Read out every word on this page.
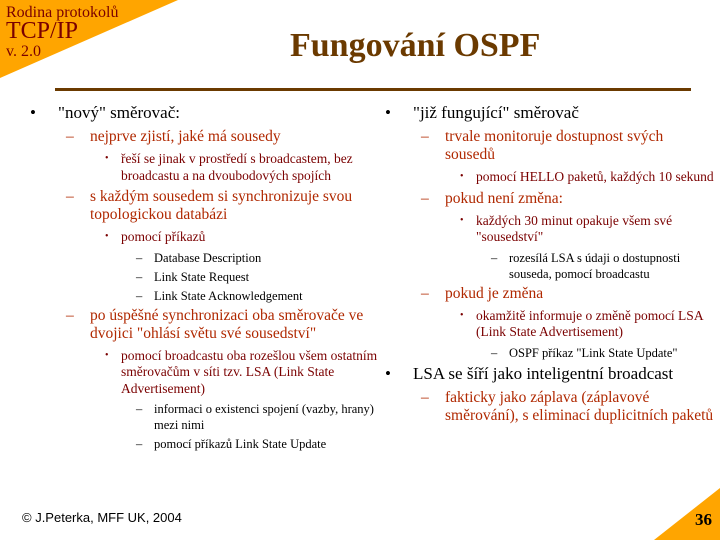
Rodina protokolů
TCP/IP
v. 2.0	Fungování OSPF
•	"nový" směrovač:
– nejprve zjistí, jaké má sousedy
• řeší se jinak v prostředí s broadcastem, bez broadcastu a na dvoubodových spojích
– s každým sousedem si synchronizuje svou topologickou databázi
• pomocí příkazů
– Database Description
– Link State Request
– Link State Acknowledgement
– po úspěšné synchronizaci oba směrovače ve dvojici "ohlásí světu své sousedství"
• pomocí broadcastu oba rozešlou všem ostatním směrovačům v síti tzv. LSA (Link State Advertisement)
– informaci o existenci spojení (vazby, hrany) mezi nimi
– pomocí příkazů Link State Update
•	"již fungující" směrovač
– trvale monitoruje dostupnost svých sousedů
• pomocí HELLO paketů, každých 10 sekund
– pokud není změna:
• každých 30 minut opakuje všem své "sousedství"
– rozesílá LSA s údaji o dostupnosti souseda, pomocí broadcastu
– pokud je změna
• okamžitě informuje o změně pomocí LSA (Link State Advertisement)
– OSPF příkaz "Link State Update"
•	LSA se šíří jako inteligentní broadcast
– fakticky jako záplava (záplavové směrování), s eliminací duplicitních paketů
© J.Peterka, MFF UK, 2004	36
